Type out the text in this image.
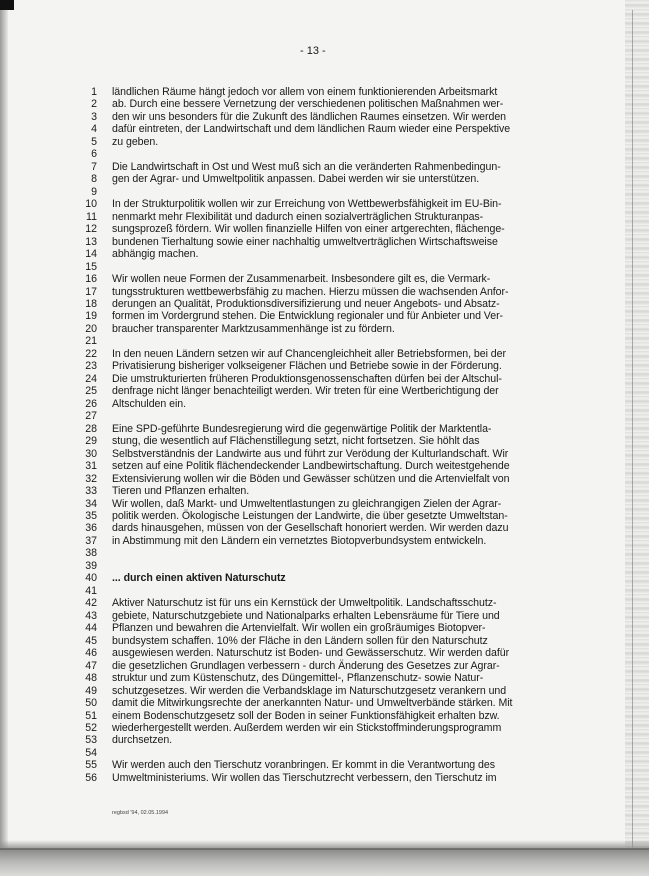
- 13 -
1 ländlichen Räume hängt jedoch vor allem von einem funktionierenden Arbeitsmarkt
2 ab. Durch eine bessere Vernetzung der verschiedenen politischen Maßnahmen wer-
3 den wir uns besonders für die Zukunft des ländlichen Raumes einsetzen. Wir werden
4 dafür eintreten, der Landwirtschaft und dem ländlichen Raum wieder eine Perspektive
5 zu geben.
6
7 Die Landwirtschaft in Ost und West muß sich an die veränderten Rahmenbedingun-
8 gen der Agrar- und Umweltpolitik anpassen. Dabei werden wir sie unterstützen.
9
10 In der Strukturpolitik wollen wir zur Erreichung von Wettbewerbsfähigkeit im EU-Bin-
11 nenmarkt mehr Flexibilität und dadurch einen sozialverträglichen Strukturanpas-
12 sungsprozeß fördern. Wir wollen finanzielle Hilfen von einer artgerechten, flächenge-
13 bundenen Tierhaltung sowie einer nachhaltig umweltverträglichen Wirtschaftsweise
14 abhängig machen.
15
16 Wir wollen neue Formen der Zusammenarbeit. Insbesondere gilt es, die Vermark-
17 tungsstrukturen wettbewerbsfähig zu machen. Hierzu müssen die wachsenden Anfor-
18 derungen an Qualität, Produktionsdiversifizierung und neuer Angebots- und Absatz-
19 formen im Vordergrund stehen. Die Entwicklung regionaler und für Anbieter und Ver-
20 braucher transparenter Marktzusammenhänge ist zu fördern.
21
22 In den neuen Ländern setzen wir auf Chancengleichheit aller Betriebsformen, bei der
23 Privatisierung bisheriger volkseigener Flächen und Betriebe sowie in der Förderung.
24 Die umstrukturierten früheren Produktionsgenossenschaften dürfen bei der Altschul-
25 denfrage nicht länger benachteiligt werden. Wir treten für eine Wertberichtigung der
26 Altschulden ein.
27
28 Eine SPD-geführte Bundesregierung wird die gegenwärtige Politik der Marktentla-
29 stung, die wesentlich auf Flächenstillegung setzt, nicht fortsetzen. Sie höhlt das
30 Selbstverständnis der Landwirte aus und führt zur Verödung der Kulturlandschaft. Wir
31 setzen auf eine Politik flächendeckender Landbewirtschaftung. Durch weitestgehende
32 Extensivierung wollen wir die Böden und Gewässer schützen und die Artenvielfalt von
33 Tieren und Pflanzen erhalten.
34 Wir wollen, daß Markt- und Umweltentlastungen zu gleichrangigen Zielen der Agrar-
35 politik werden. Ökologische Leistungen der Landwirte, die über gesetzte Umweltstan-
36 dards hinausgehen, müssen von der Gesellschaft honoriert werden. Wir werden dazu
37 in Abstimmung mit den Ländern ein vernetztes Biotopverbundsystem entwickeln.
38
39
40 ... durch einen aktiven Naturschutz
41
42 Aktiver Naturschutz ist für uns ein Kernstück der Umweltpolitik. Landschaftsschutz-
43 gebiete, Naturschutzgebiete und Nationalparks erhalten Lebensräume für Tiere und
44 Pflanzen und bewahren die Artenvielfalt. Wir wollen ein großräumiges Biotopver-
45 bundsystem schaffen. 10% der Fläche in den Ländern sollen für den Naturschutz
46 ausgewiesen werden. Naturschutz ist Boden- und Gewässerschutz. Wir werden dafür
47 die gesetzlichen Grundlagen verbessern - durch Änderung des Gesetzes zur Agrar-
48 struktur und zum Küstenschutz, des Düngemittel-, Pflanzenschutz- sowie Natur-
49 schutzgesetzes. Wir werden die Verbandsklage im Naturschutzgesetz verankern und
50 damit die Mitwirkungsrechte der anerkannten Natur- und Umweltverbände stärken. Mit
51 einem Bodenschutzgesetz soll der Boden in seiner Funktionsfähigkeit erhalten bzw.
52 wiederhergestellt werden. Außerdem werden wir ein Stickstoffminderungsprogramm
53 durchsetzen.
54
55 Wir werden auch den Tierschutz voranbringen. Er kommt in die Verantwortung des
56 Umweltministeriums. Wir wollen das Tierschutzrecht verbessern, den Tierschutz im
regbsd '94, 02.05.1994
